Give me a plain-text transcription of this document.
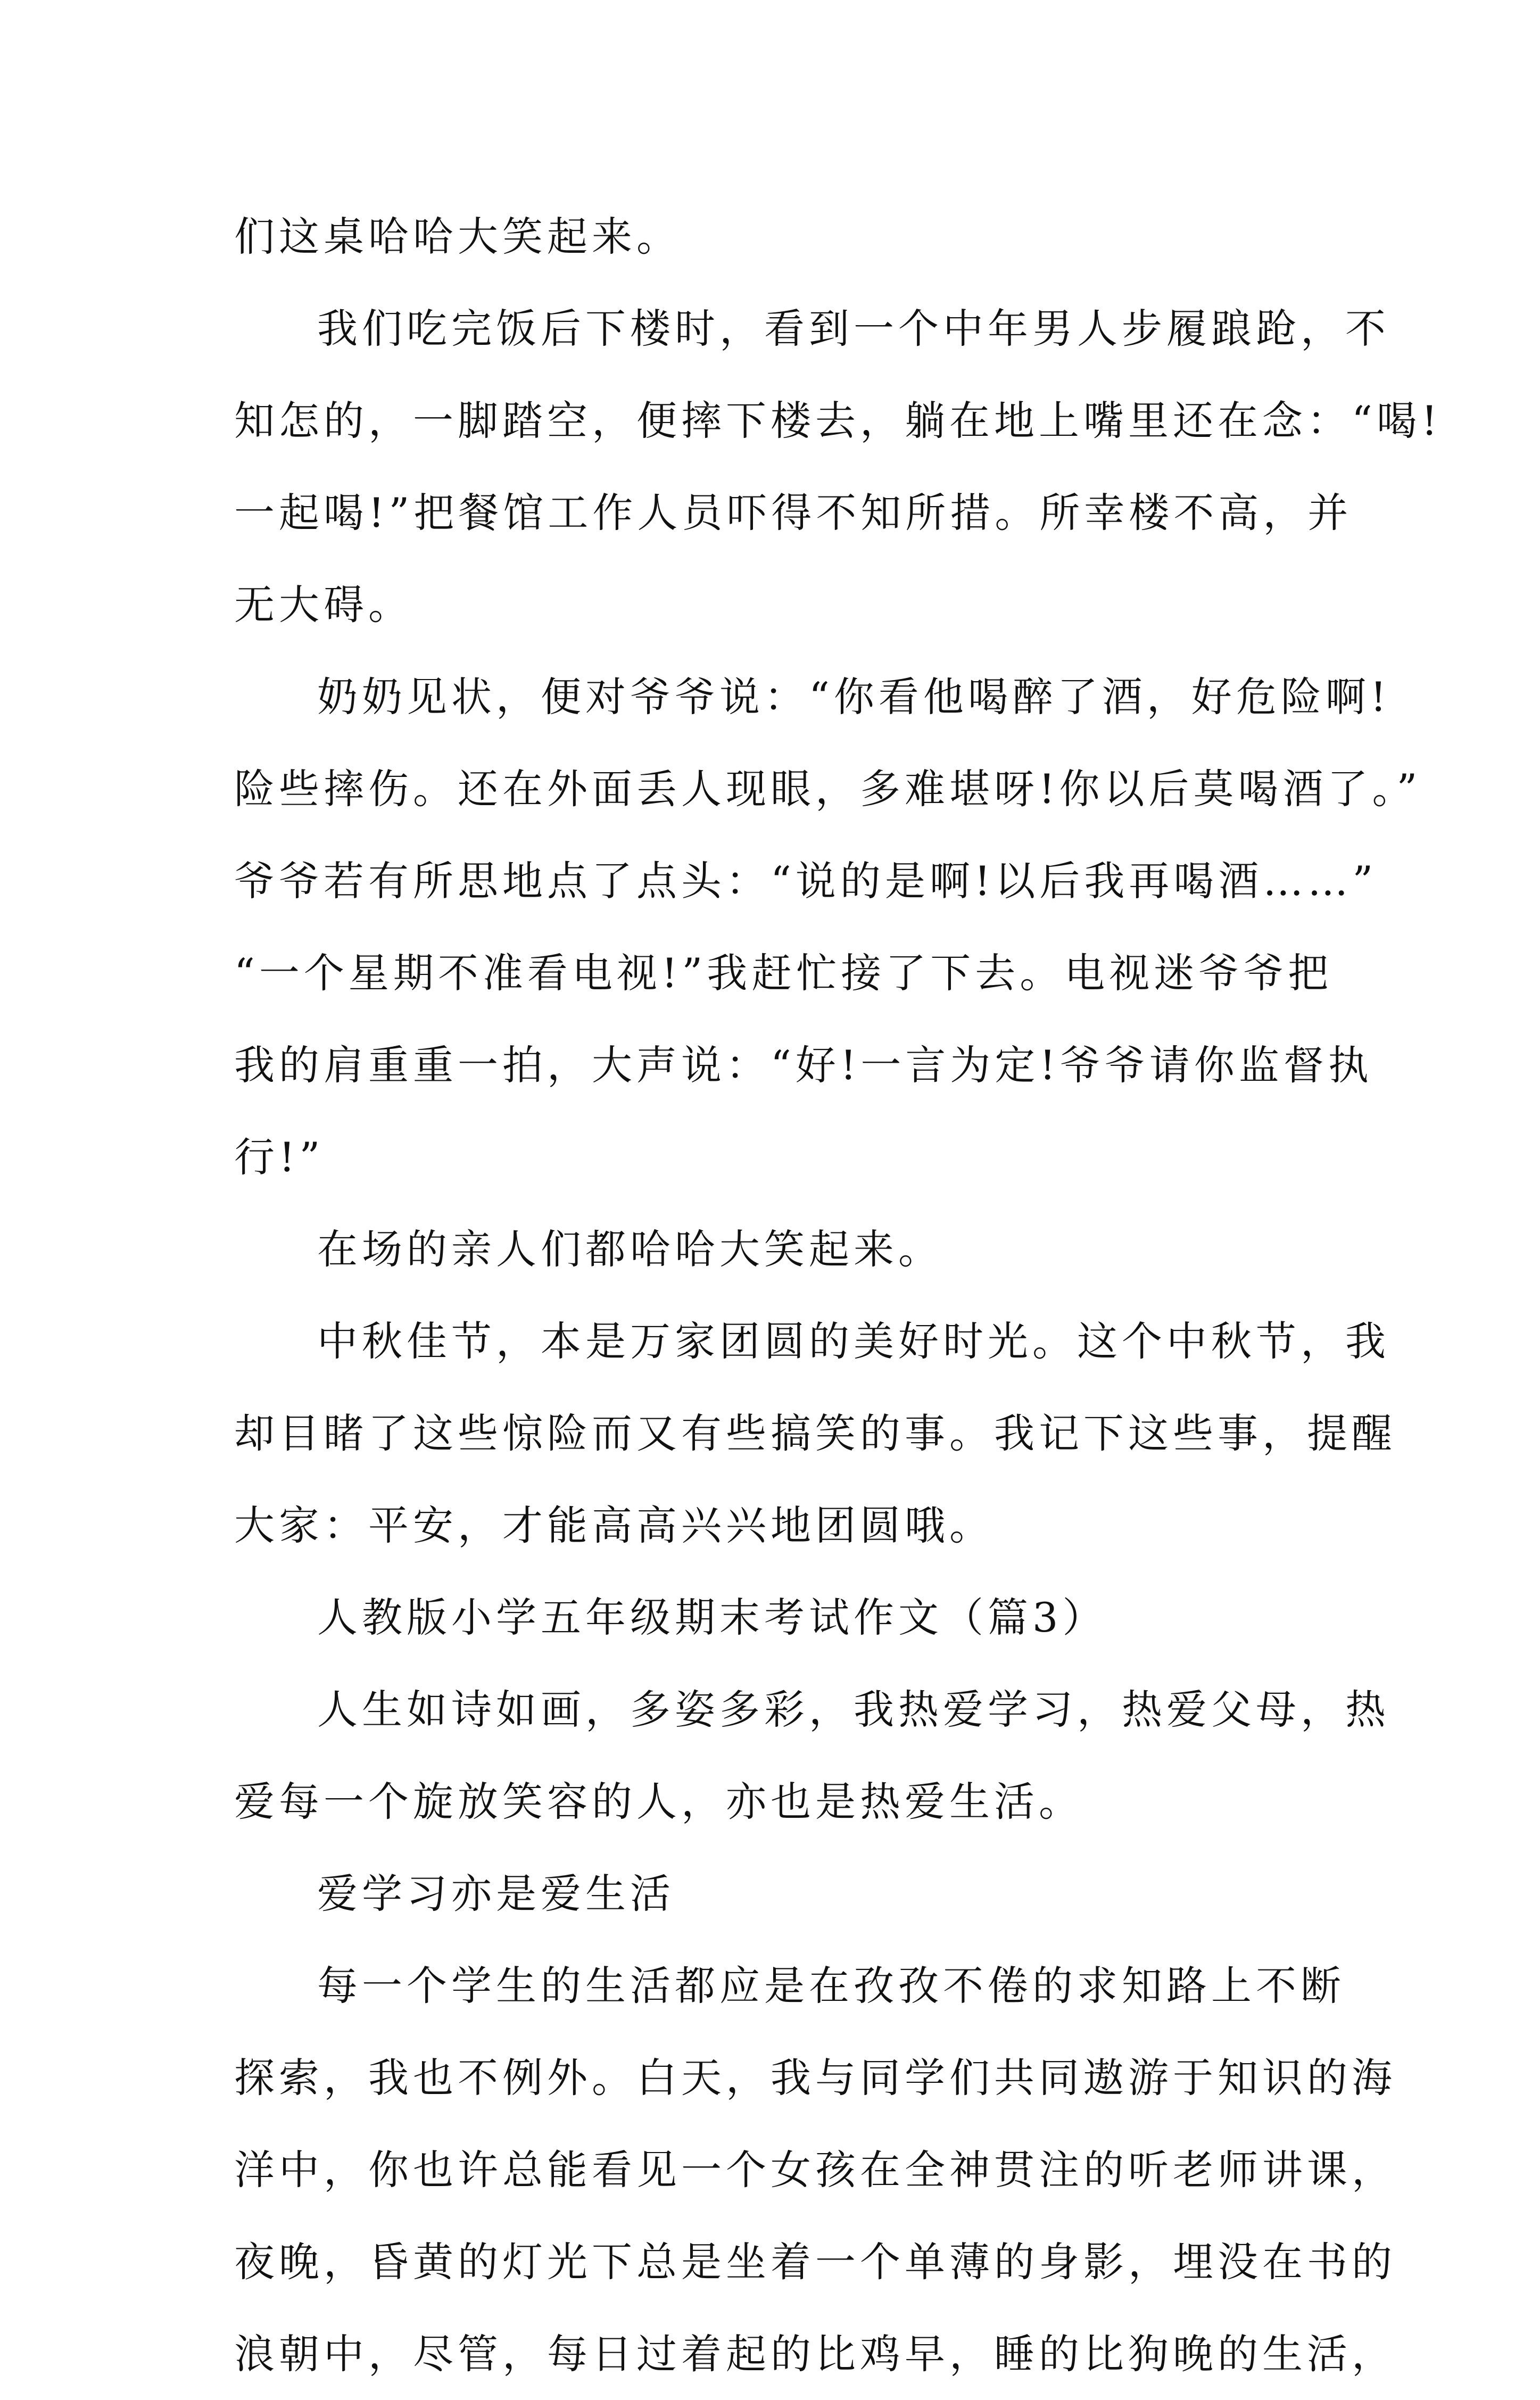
们这桌哈哈大笑起来。
我们吃完饭后下楼时，看到一个中年男人步履踉跄，不
知怎的，一脚踏空，便摔下楼去，躺在地上嘴里还在念：“喝!
一起喝!”把餐馆工作人员吓得不知所措。所幸楼不高，并
无大碍。
奶奶见状，便对爷爷说：“你看他喝醉了酒，好危险啊!
险些摔伤。还在外面丢人现眼，多难堪呀!你以后莫喝酒了。”
爷爷若有所思地点了点头：“说的是啊!以后我再喝酒……”
“一个星期不准看电视!”我赶忙接了下去。电视迷爷爷把
我的肩重重一拍，大声说：“好!一言为定!爷爷请你监督执
行!”
在场的亲人们都哈哈大笑起来。
中秋佳节，本是万家团圆的美好时光。这个中秋节，我
却目睹了这些惊险而又有些搞笑的事。我记下这些事，提醒
大家：平安，才能高高兴兴地团圆哦。
人教版小学五年级期末考试作文（篇3）
人生如诗如画，多姿多彩，我热爱学习，热爱父母，热
爱每一个旋放笑容的人，亦也是热爱生活。
爱学习亦是爱生活
每一个学生的生活都应是在孜孜不倦的求知路上不断
探索，我也不例外。白天，我与同学们共同遨游于知识的海
洋中，你也许总能看见一个女孩在全神贯注的听老师讲课，
夜晚，昏黄的灯光下总是坐着一个单薄的身影，埋没在书的
浪朝中，尽管，每日过着起的比鸡早，睡的比狗晚的生活，
